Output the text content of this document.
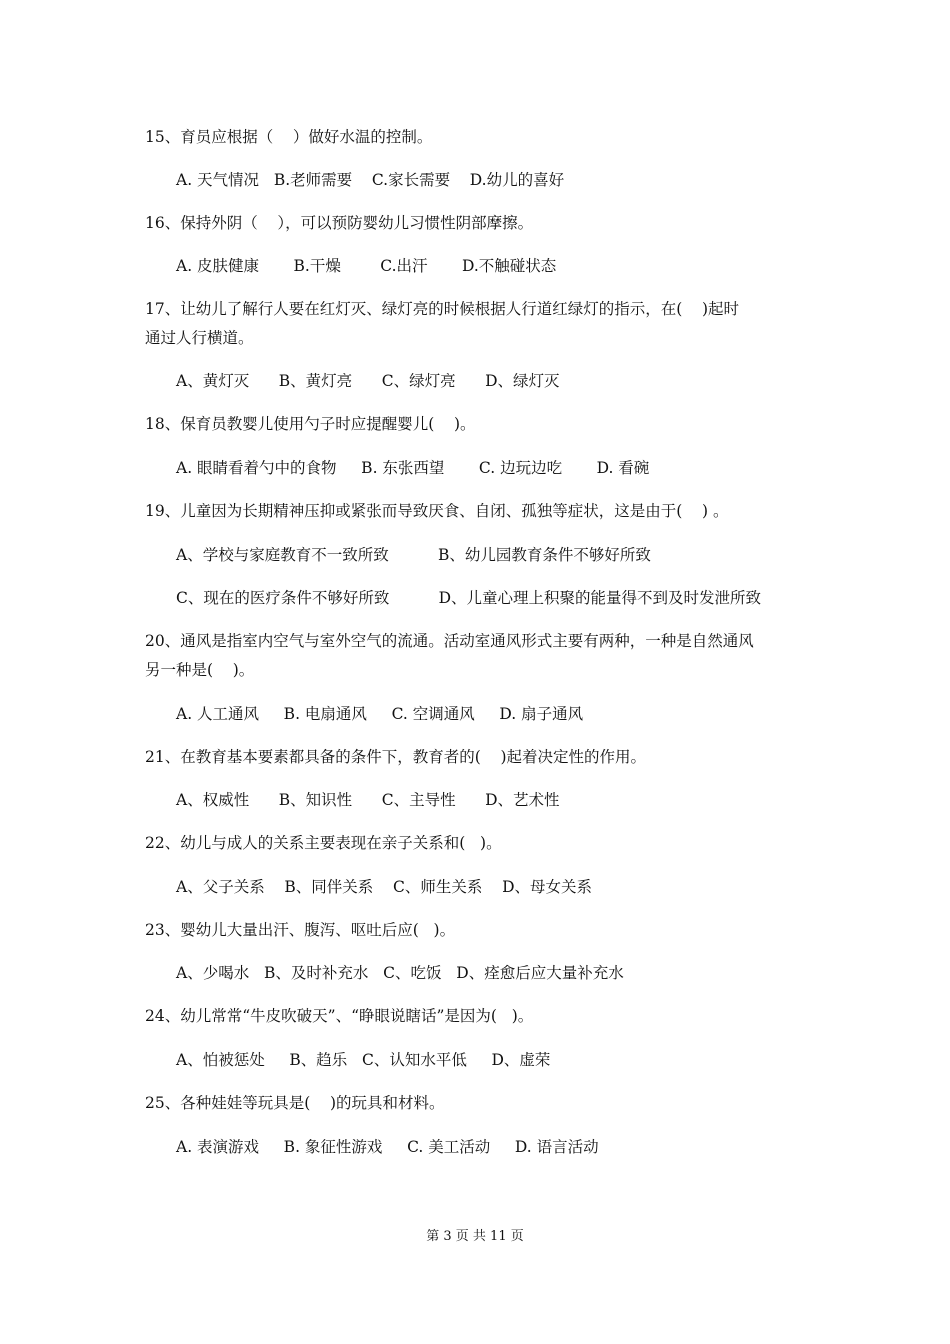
15、育员应根据（    ）做好水温的控制。
A. 天气情况   B.老师需要    C.家长需要    D.幼儿的喜好
16、保持外阴（    ），可以预防婴幼儿习惯性阴部摩擦。
A. 皮肤健康       B.干燥        C.出汗       D.不触碰状态
17、让幼儿了解行人要在红灯灭、绿灯亮的时候根据人行道红绿灯的指示，在(    )起时
通过人行横道。
A、黄灯灭      B、黄灯亮      C、绿灯亮      D、绿灯灭
18、保育员教婴儿使用勺子时应提醒婴儿(    )。
A. 眼睛看着勺中的食物     B. 东张西望       C. 边玩边吃       D. 看碗
19、儿童因为长期精神压抑或紧张而导致厌食、自闭、孤独等症状，这是由于(    ) 。
A、学校与家庭教育不一致所致          B、幼儿园教育条件不够好所致
C、现在的医疗条件不够好所致          D、儿童心理上积聚的能量得不到及时发泄所致
20、通风是指室内空气与室外空气的流通。活动室通风形式主要有两种，一种是自然通风
另一种是(    )。
A. 人工通风     B. 电扇通风     C. 空调通风     D. 扇子通风
21、在教育基本要素都具备的条件下，教育者的(    )起着决定性的作用。
A、权威性      B、知识性      C、主导性      D、艺术性
22、幼儿与成人的关系主要表现在亲子关系和(   )。
A、父子关系    B、同伴关系    C、师生关系    D、母女关系
23、婴幼儿大量出汗、腹泻、呕吐后应(   )。
A、少喝水   B、及时补充水   C、吃饭   D、痊愈后应大量补充水
24、幼儿常常“牛皮吹破天”、“睁眼说瞎话”是因为(   )。
A、怕被惩处     B、趋乐   C、认知水平低     D、虚荣
25、各种娃娃等玩具是(    )的玩具和材料。
A. 表演游戏     B. 象征性游戏     C. 美工活动     D. 语言活动
第 3 页 共 11 页
